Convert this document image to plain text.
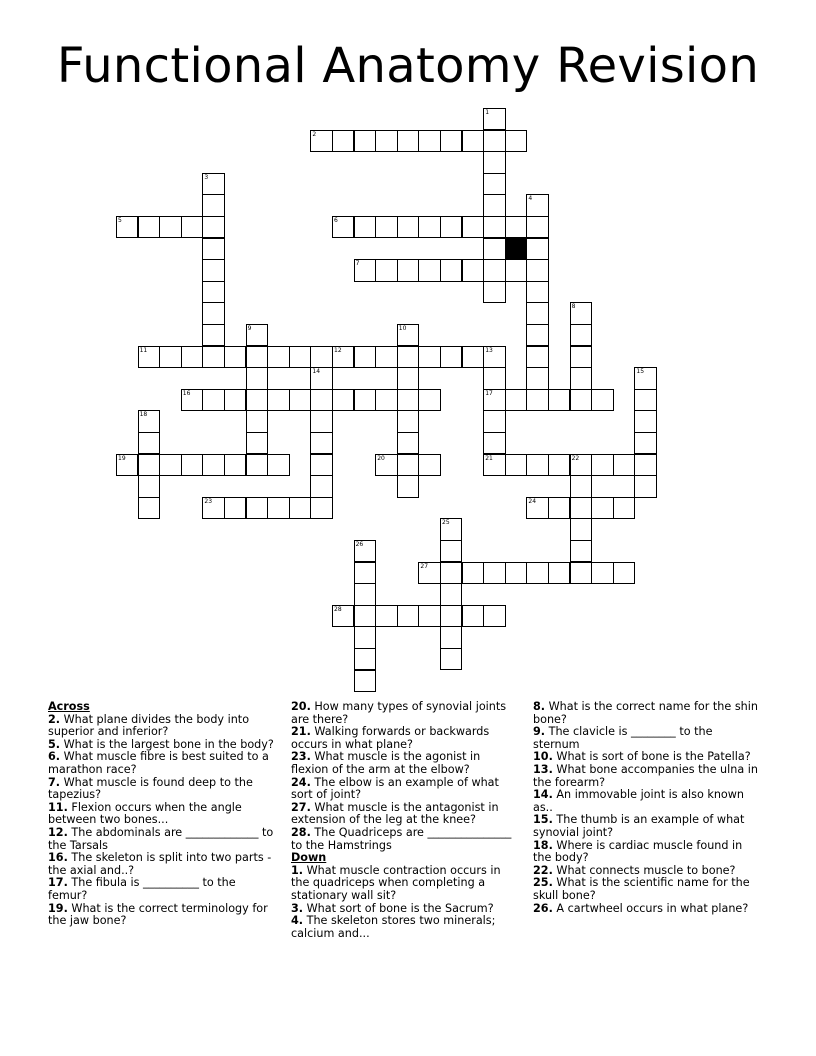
Functional Anatomy Revision
1
2
3
4
5	6
7
8
9	10
11	12	13
17
14	15
16
18
19	20	21	22
23	24
25
26
27
28
Across
2. What plane divides the body into superior and inferior?
5. What is the largest bone in the body?
6. What muscle fibre is best suited to a marathon race?
7. What muscle is found deep to the tapezius?
11. Flexion occurs when the angle between two bones...
12. The abdominals are _____________ to the Tarsals
16. The skeleton is split into two parts - the axial and..?
17. The fibula is __________ to the femur?
19. What is the correct terminology for the jaw bone?
20. How many types of synovial joints are there?
21. Walking forwards or backwards occurs in what plane?
23. What muscle is the agonist in flexion of the arm at the elbow?
24. The elbow is an example of what sort of joint?
27. What muscle is the antagonist in extension of the leg at the knee?
28. The Quadriceps are _______________ to the Hamstrings
Down
1. What muscle contraction occurs in the quadriceps when completing a stationary wall sit?
3. What sort of bone is the Sacrum?
4. The skeleton stores two minerals; calcium and...
8. What is the correct name for the shin bone?
9. The clavicle is ________ to the sternum
10. What is sort of bone is the Patella?
13. What bone accompanies the ulna in the forearm?
14. An immovable joint is also known as..
15. The thumb is an example of what synovial joint?
18. Where is cardiac muscle found in the body?
22. What connects muscle to bone?
25. What is the scientific name for the skull bone?
26. A cartwheel occurs in what plane?
